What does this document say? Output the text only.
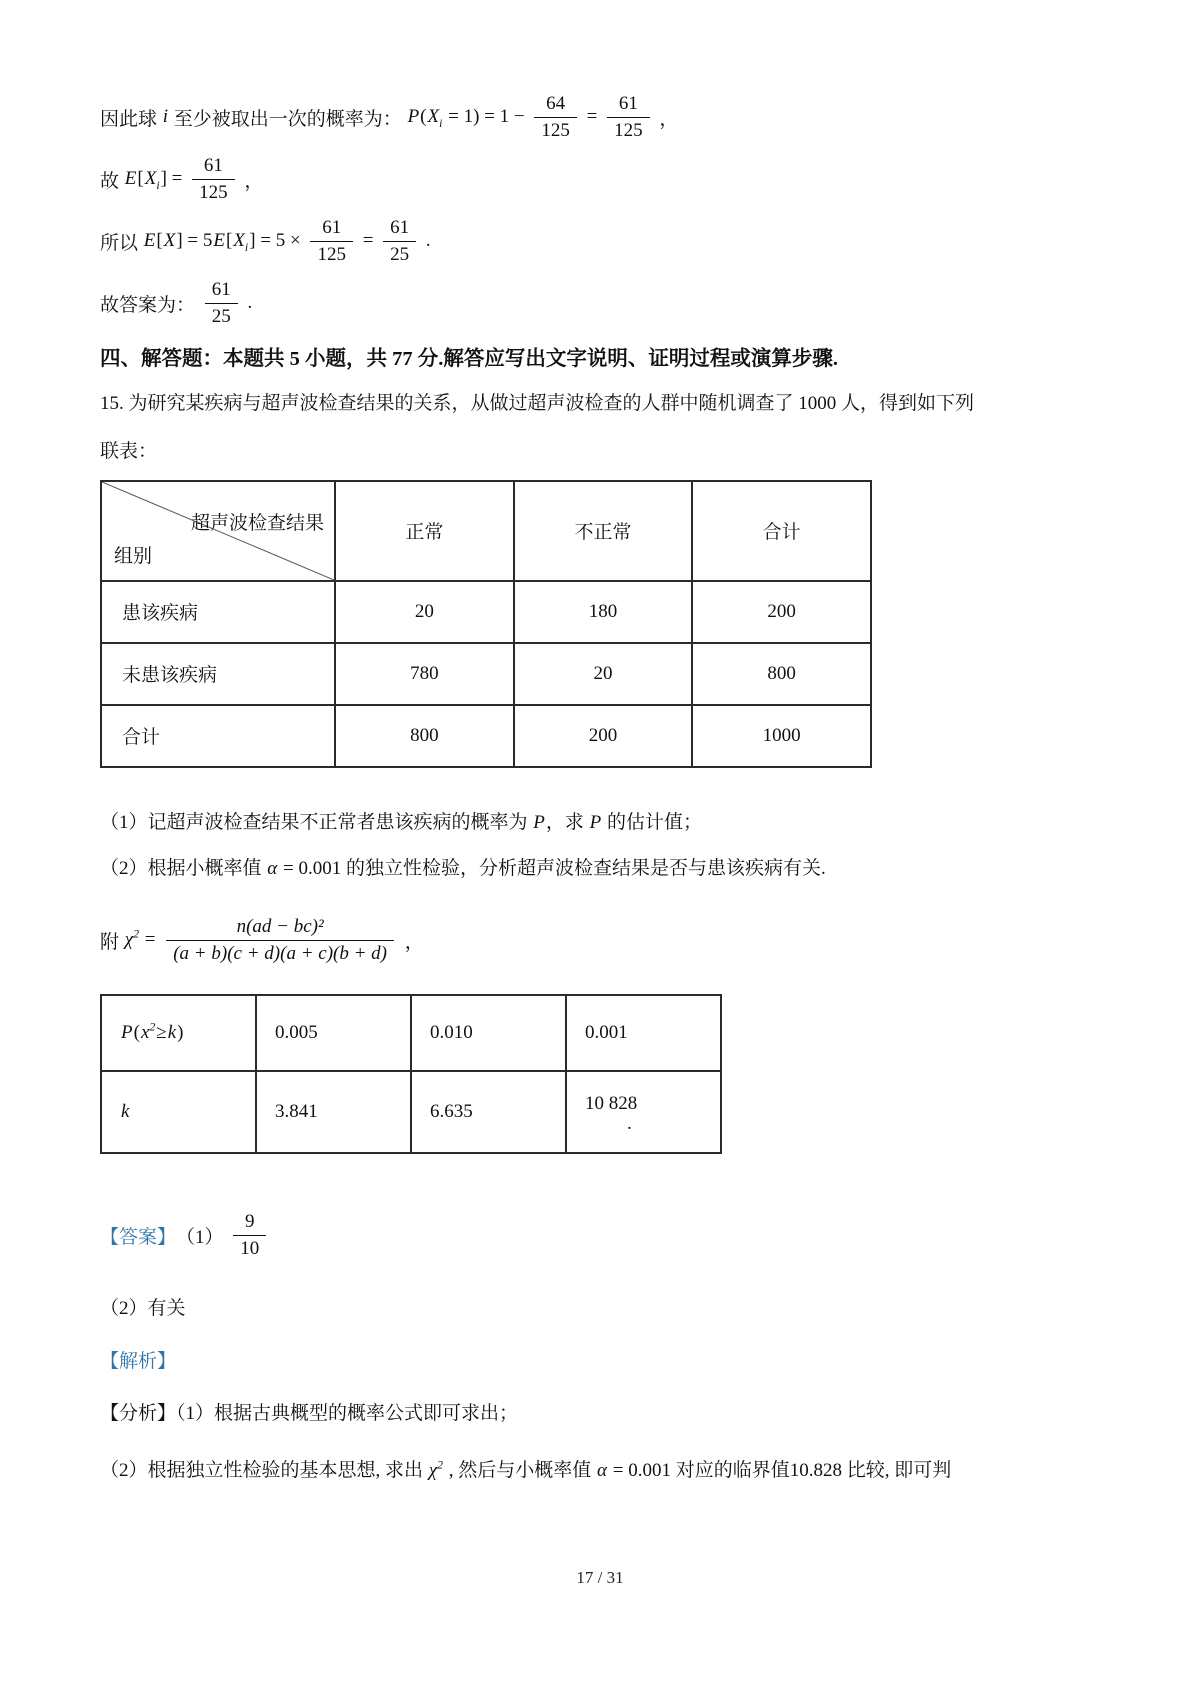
因此球 i 至少被取出一次的概率为： P ( $X_i = 1) = 1 - \frac{64}{125} = \frac{61}{125}$ ，
故 E [ $X_i$ ] = $\frac{61}{125}$ ，
所以 E [ X ] = 5 E [ $X_i$ ] = $5 \times \frac{61}{125} = \frac{61}{25}$ .
故答案为： $\frac{61}{25}$ .
四、解答题：本题共 5 小题，共 77 分.解答应写出文字说明、证明过程或演算步骤.
15. 为研究某疾病与超声波检查结果的关系，从做过超声波检查的人群中随机调查了 1000 人，得到如下列
联表：
超声波检查结果
组别	正常	不正常	合计
患该疾病	20	180	200
未患该疾病	780	20	800
合计	800	200	1000
（1）记超声波检查结果不正常者患该疾病的概率为 P，求 P 的估计值；
（2）根据小概率值 α = 0.001 的独立性检验，分析超声波检查结果是否与患该疾病有关.
附 $\chi^2 = \frac{\text{n(ad − bc)²}}{(a + b)(c + d)(a + c)(b + d)}$ ，
$P(x^2\ge k)$	0.005	0.010	0.001
k	3.841	6.635	10 828
.
【答案】 $(1) \frac{9}{10}$
（2）有关
【解析】
【分析】（1）根据古典概型的概率公式即可求出；
（2）根据独立性检验的基本思想, 求出 $\chi^2$ , 然后与小概率值 α = 0.001 对应的临界值10.828 比较, 即可判
17 / 31
